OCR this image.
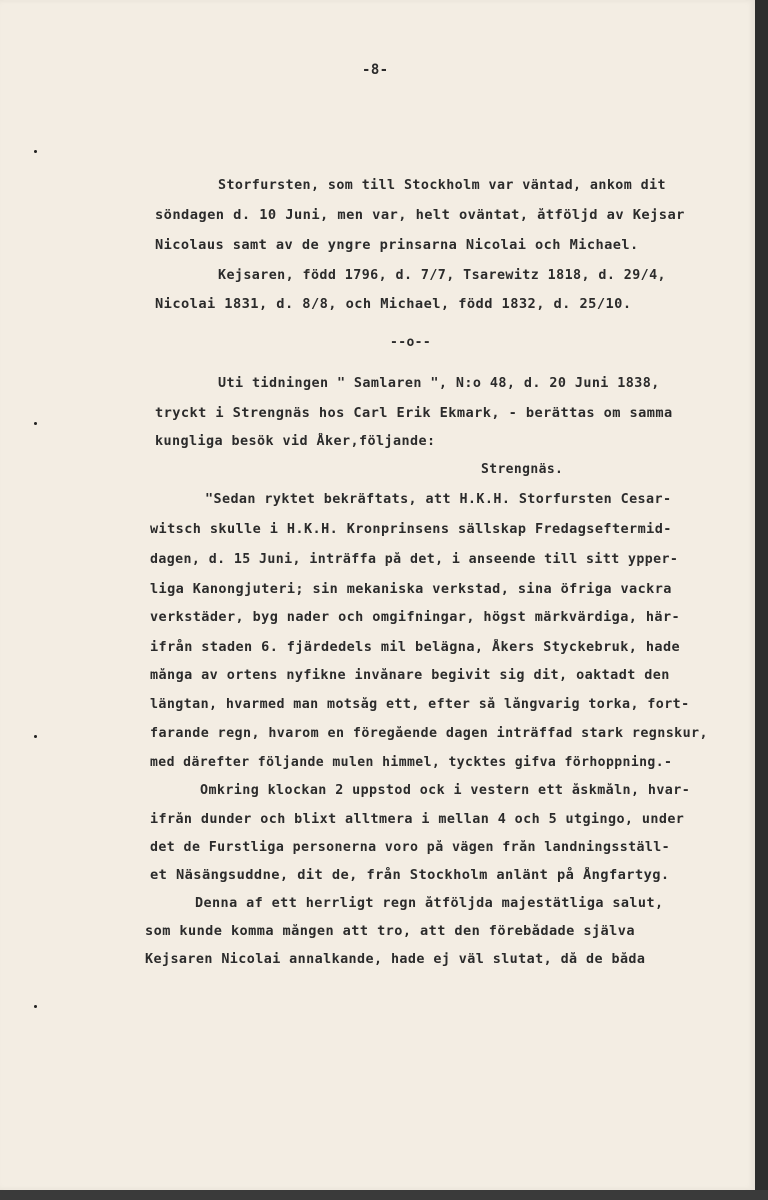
-8-
Storfursten, som till Stockholm var väntad, ankom dit
söndagen d. 10 Juni, men var, helt oväntat, åtföljd av Kejsar
Nicolaus samt av de yngre prinsarna Nicolai och Michael.
Kejsaren, född 1796, d. 7/7, Tsarewitz 1818, d. 29/4,
Nicolai 1831, d. 8/8, och Michael, född 1832, d. 25/10.
--o--
Uti tidningen " Samlaren ", N:o 48, d. 20 Juni 1838,
tryckt i Strengnäs hos Carl Erik Ekmark, - berättas om samma
kungliga besök vid Åker,följande:
Strengnäs.
"Sedan ryktet bekräftats, att H.K.H. Storfursten Cesar-
witsch skulle i H.K.H. Kronprinsens sällskap Fredagseftermid-
dagen, d. 15 Juni, inträffa på det, i anseende till sitt ypper-
liga Kanongjuteri; sin mekaniska verkstad, sina öfriga vackra
verkstäder, byg nader och omgifningar, högst märkvärdiga, här-
ifrån staden 6. fjärdedels mil belägna, Åkers Styckebruk, hade
många av ortens nyfikne invånare begivit sig dit, oaktadt den
längtan, hvarmed man motsåg ett, efter så långvarig torka, fort-
farande regn, hvarom en föregående dagen inträffad stark regnskur,
med därefter följande mulen himmel, tycktes gifva förhoppning.-
Omkring klockan 2 uppstod ock i vestern ett åskmåln, hvar-
ifrån dunder och blixt alltmera i mellan 4 och 5 utgingo, under
det de Furstliga personerna voro på vägen från landningsställ-
et Näsängsuddne, dit de, från Stockholm anlänt på Ångfartyg.
Denna af ett herrligt regn åtföljda majestätliga salut,
som kunde komma mången att tro, att den förebådade själva
Kejsaren Nicolai annalkande, hade ej väl slutat, då de båda
